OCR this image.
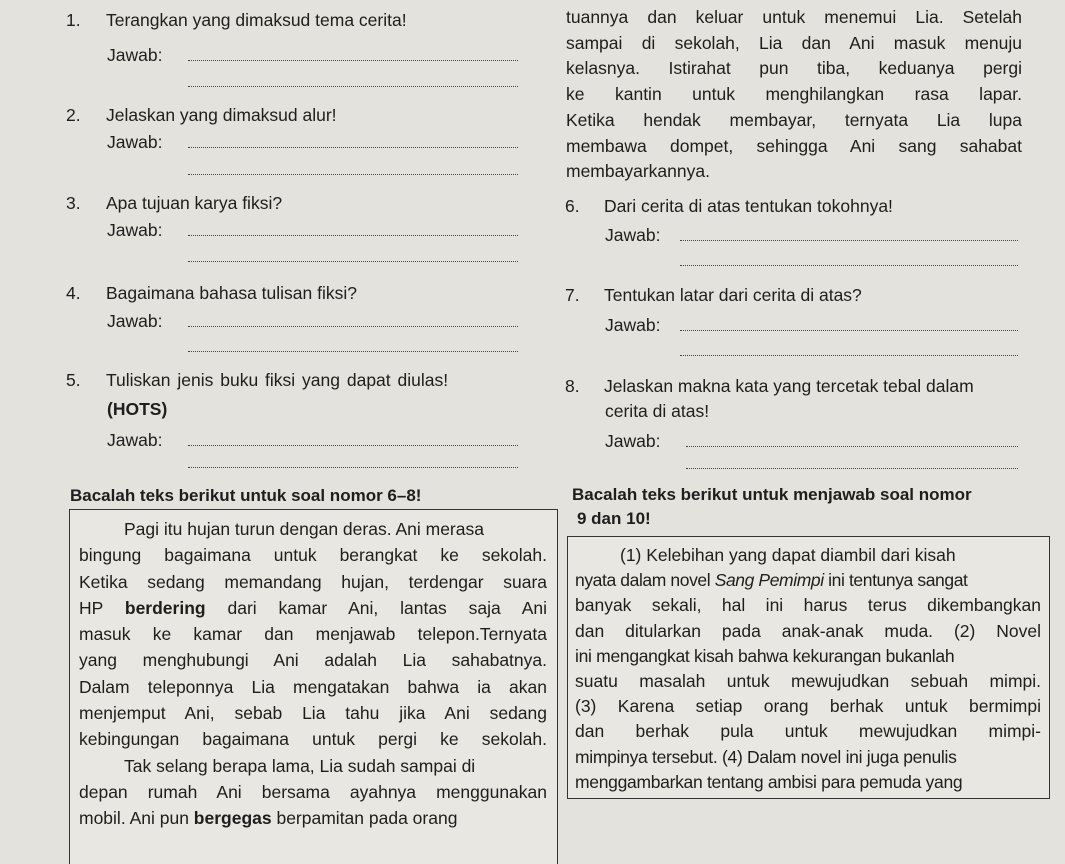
1. Terangkan yang dimaksud tema cerita!
Jawab:
2. Jelaskan yang dimaksud alur!
Jawab:
3. Apa tujuan karya fiksi?
Jawab:
4. Bagaimana bahasa tulisan fiksi?
Jawab:
5. Tuliskan jenis buku fiksi yang dapat diulas!
(HOTS)
Jawab:
tuannya dan keluar untuk menemui Lia. Setelah
sampai di sekolah, Lia dan Ani masuk menuju
kelasnya. Istirahat pun tiba, keduanya pergi
ke kantin untuk menghilangkan rasa lapar.
Ketika hendak membayar, ternyata Lia lupa
membawa dompet, sehingga Ani sang sahabat
membayarkannya.
6. Dari cerita di atas tentukan tokohnya!
Jawab:
7. Tentukan latar dari cerita di atas?
Jawab:
8. Jelaskan makna kata yang tercetak tebal dalam
cerita di atas!
Jawab:
Bacalah teks berikut untuk soal nomor 6–8!	Bacalah teks berikut untuk menjawab soal nomor
9 dan 10!
Pagi itu hujan turun dengan deras. Ani merasa
bingung bagaimana untuk berangkat ke sekolah.
Ketika sedang memandang hujan, terdengar suara
HP berdering dari kamar Ani, lantas saja Ani
masuk ke kamar dan menjawab telepon.Ternyata
yang menghubungi Ani adalah Lia sahabatnya.
Dalam teleponnya Lia mengatakan bahwa ia akan
menjemput Ani, sebab Lia tahu jika Ani sedang
kebingungan bagaimana untuk pergi ke sekolah.
Tak selang berapa lama, Lia sudah sampai di
depan rumah Ani bersama ayahnya menggunakan
mobil. Ani pun bergegas berpamitan pada orang
(1) Kelebihan yang dapat diambil dari kisah
nyata dalam novel Sang Pemimpi ini tentunya sangat
banyak sekali, hal ini harus terus dikembangkan
dan ditularkan pada anak-anak muda. (2) Novel
ini mengangkat kisah bahwa kekurangan bukanlah
suatu masalah untuk mewujudkan sebuah mimpi.
(3) Karena setiap orang berhak untuk bermimpi
dan berhak pula untuk mewujudkan mimpi-
mimpinya tersebut. (4) Dalam novel ini juga penulis
menggambarkan tentang ambisi para pemuda yang
